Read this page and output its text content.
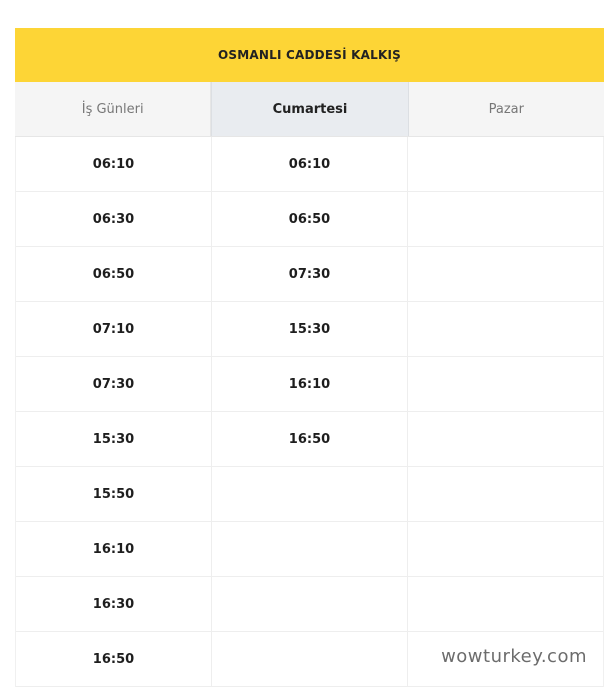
OSMANLI CADDESİ KALKIŞ
İş Günleri	Cumartesi	Pazar
06:10
06:30
06:50
07:10
07:30
15:30
15:50
16:10
16:30
16:50
06:10
06:50
07:30
15:30
16:10
16:50
wowturkey.com
